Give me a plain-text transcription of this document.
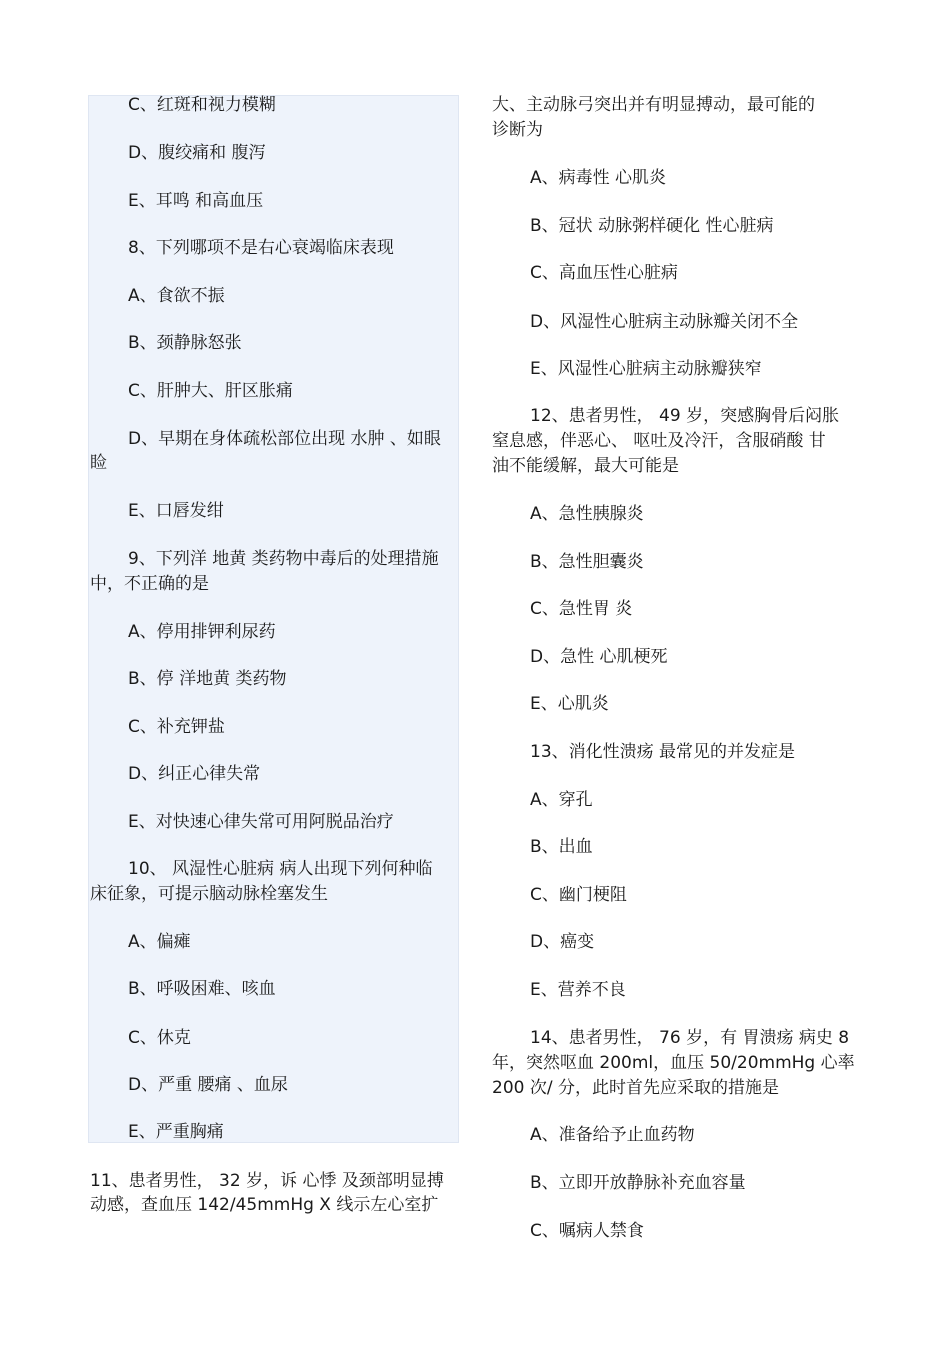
C、红斑和视力模糊
D、腹绞痛和 腹泻
E、耳鸣 和高血压
8、下列哪项不是右心衰竭临床表现
A、食欲不振
B、颈静脉怒张
C、肝肿大、肝区胀痛
D、早期在身体疏松部位出现 水肿 、如眼
睑
E、口唇发绀
9、下列洋 地黄 类药物中毒后的处理措施
中，不正确的是
A、停用排钾利尿药
B、停 洋地黄 类药物
C、补充钾盐
D、纠正心律失常
E、对快速心律失常可用阿脱品治疗
10、 风湿性心脏病 病人出现下列何种临
床征象，可提示脑动脉栓塞发生
A、偏瘫
B、呼吸困难、咳血
C、休克
D、严重 腰痛 、血尿
E、严重胸痛
11、患者男性， 32 岁，诉 心悸 及颈部明显搏
动感，查血压 142/45mmHg X 线示左心室扩
大、主动脉弓突出并有明显搏动，最可能的
诊断为
A、病毒性 心肌炎
B、冠状 动脉粥样硬化 性心脏病
C、高血压性心脏病
D、风湿性心脏病主动脉瓣关闭不全
E、风湿性心脏病主动脉瓣狭窄
12、患者男性， 49 岁，突感胸骨后闷胀
窒息感，伴恶心、 呕吐及冷汗，含服硝酸 甘
油不能缓解，最大可能是
A、急性胰腺炎
B、急性胆囊炎
C、急性胃 炎
D、急性 心肌梗死
E、心肌炎
13、消化性溃疡 最常见的并发症是
A、穿孔
B、出血
C、幽门梗阻
D、癌变
E、营养不良
14、患者男性， 76 岁，有 胃溃疡 病史 8
年，突然呕血 200ml，血压 50/20mmHg 心率
200 次/ 分，此时首先应采取的措施是
A、准备给予止血药物
B、立即开放静脉补充血容量
C、嘱病人禁食
